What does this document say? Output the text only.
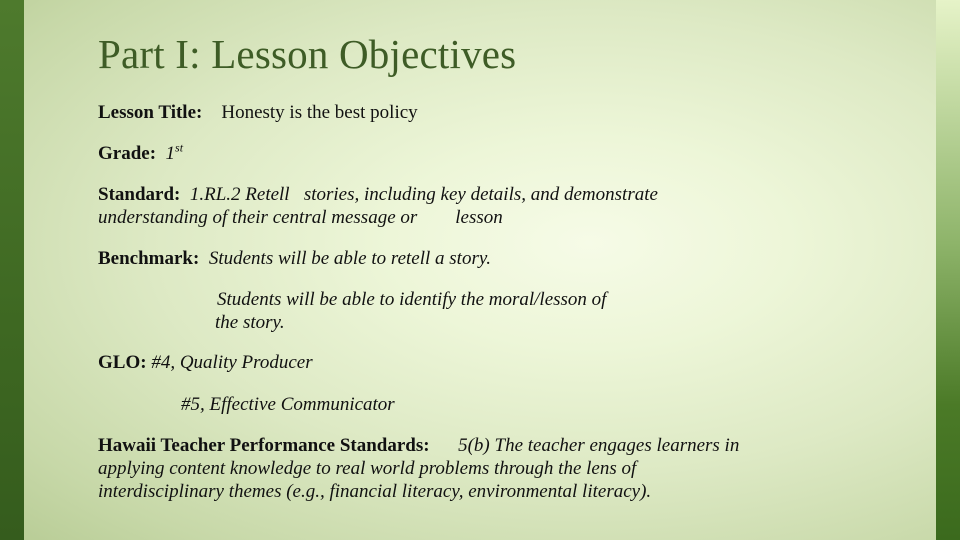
Part I: Lesson Objectives
Lesson Title: Honesty is the best policy
Grade: 1st
Standard: 1.RL.2 Retell   stories, including key details, and demonstrate
understanding of their central message or        lesson
Benchmark: Students will be able to retell a story.
Students will be able to identify the moral/lesson of
the story.
GLO: #4, Quality Producer
#5, Effective Communicator
Hawaii Teacher Performance Standards: 5(b) The teacher engages learners in
applying content knowledge to real world problems through the lens of
interdisciplinary themes (e.g., financial literacy, environmental literacy).
